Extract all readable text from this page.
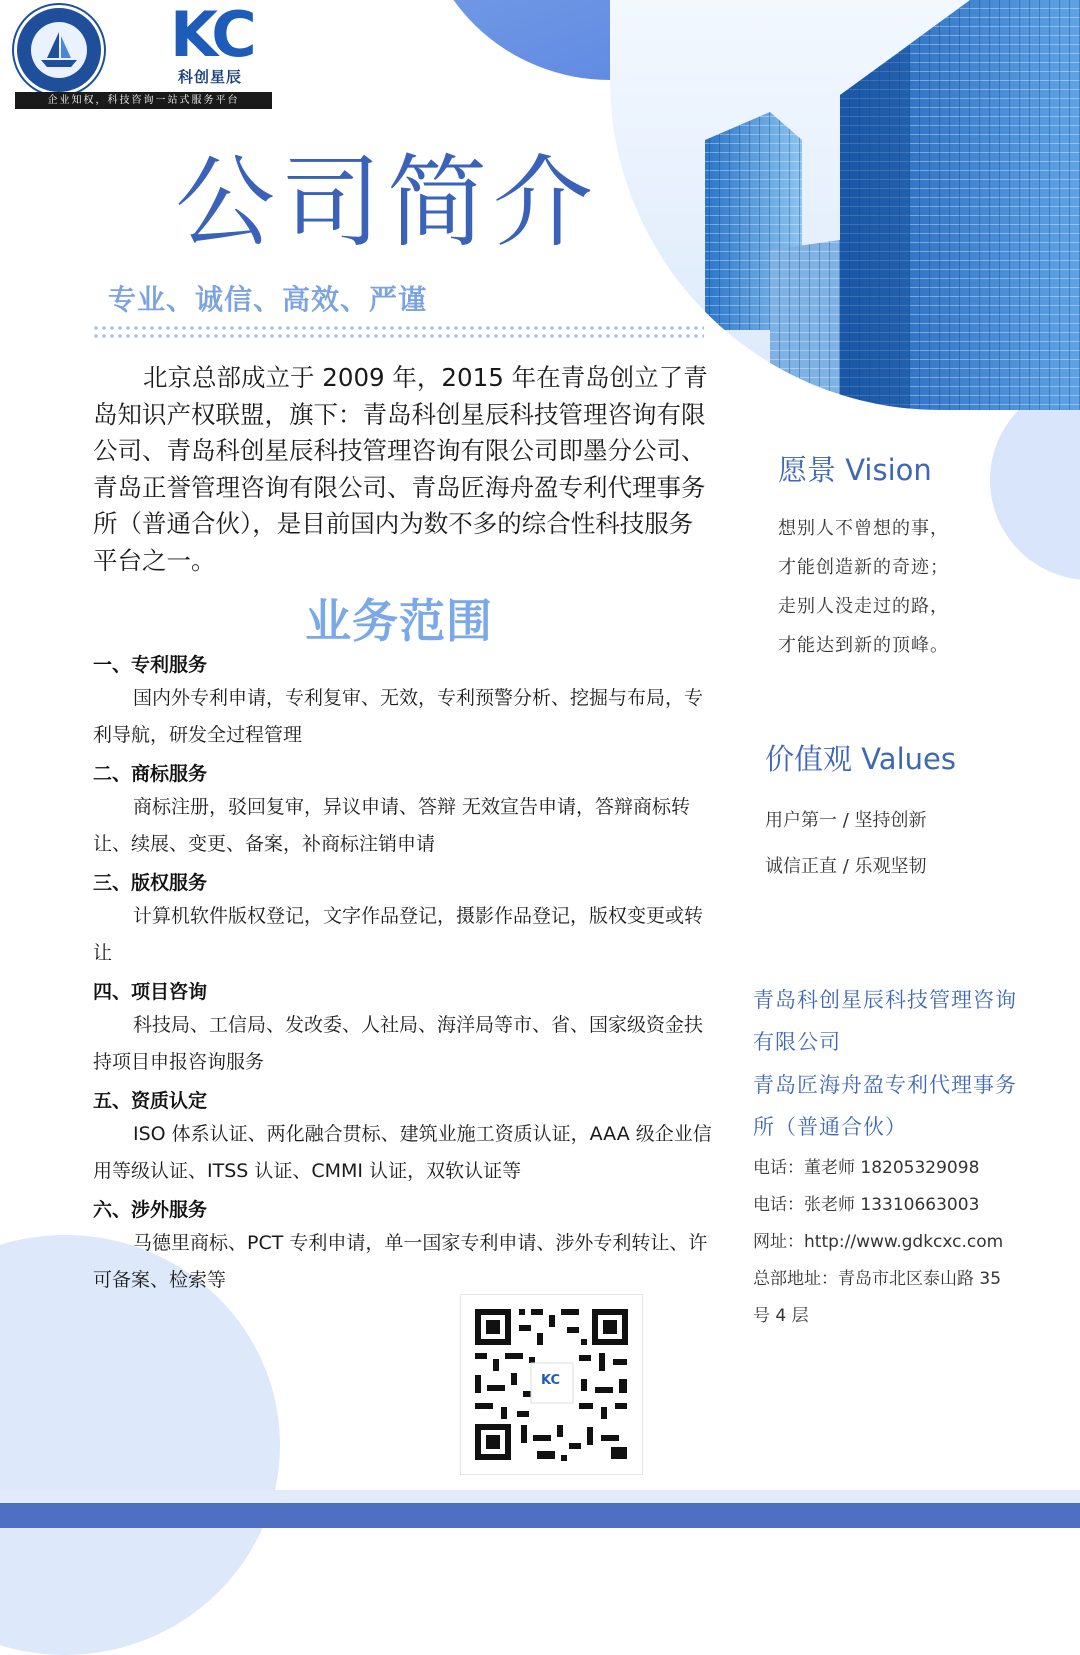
KC
科创星辰
企业知权，科技咨询一站式服务平台
公司简介
专业、诚信、高效、严谨
北京总部成立于 2009 年，2015 年在青岛创立了青岛知识产权联盟，旗下：青岛科创星辰科技管理咨询有限公司、青岛科创星辰科技管理咨询有限公司即墨分公司、青岛正誉管理咨询有限公司、青岛匠海舟盈专利代理事务所（普通合伙），是目前国内为数不多的综合性科技服务平台之一。
业务范围
一、专利服务
国内外专利申请，专利复审、无效，专利预警分析、挖掘与布局，专利导航，研发全过程管理
二、商标服务
商标注册，驳回复审，异议申请、答辩 无效宣告申请，答辩商标转让、续展、变更、备案，补商标注销申请
三、版权服务
计算机软件版权登记，文字作品登记，摄影作品登记，版权变更或转让
四、项目咨询
科技局、工信局、发改委、人社局、海洋局等市、省、国家级资金扶持项目申报咨询服务
五、资质认定
ISO 体系认证、两化融合贯标、建筑业施工资质认证，AAA 级企业信用等级认证、ITSS 认证、CMMI 认证，双软认证等
六、涉外服务
马德里商标、PCT 专利申请，单一国家专利申请、涉外专利转让、许可备案、检索等
KC
愿景 Vision
想别人不曾想的事，
才能创造新的奇迹；
走别人没走过的路，
才能达到新的顶峰。
价值观 Values
用户第一 / 坚持创新
诚信正直 / 乐观坚韧
青岛科创星辰科技管理咨询
有限公司
青岛匠海舟盈专利代理事务
所（普通合伙）
电话：董老师 18205329098
电话：张老师 13310663003
网址：http://www.gdkcxc.com
总部地址：青岛市北区泰山路 35
号 4 层
